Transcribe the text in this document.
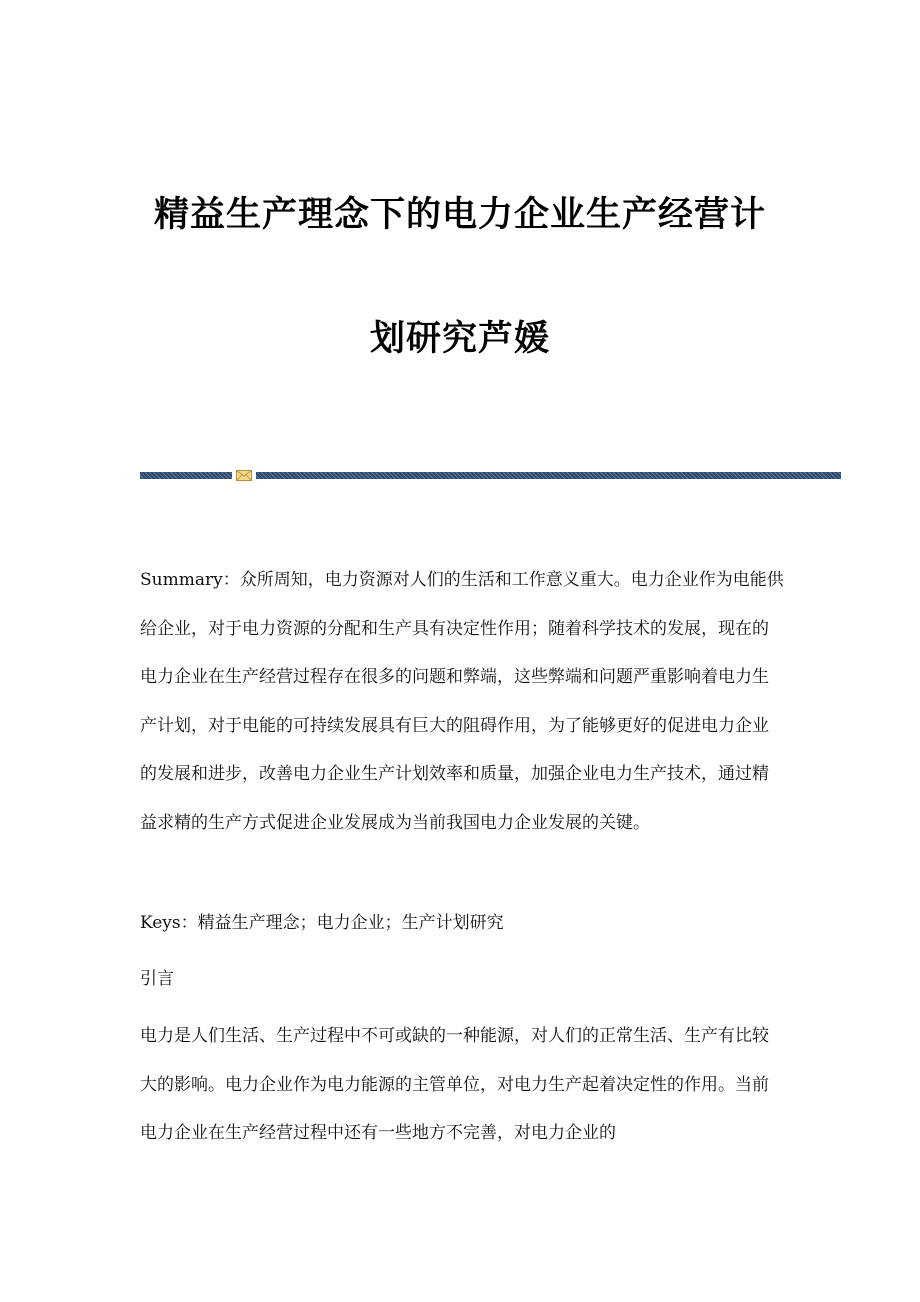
精益生产理念下的电力企业生产经营计
划研究芦媛

Summary：众所周知，电力资源对人们的生活和工作意义重大。电力企业作为电能供给企业，对于电力资源的分配和生产具有决定性作用；随着科学技术的发展，现在的电力企业在生产经营过程存在很多的问题和弊端，这些弊端和问题严重影响着电力生产计划，对于电能的可持续发展具有巨大的阻碍作用，为了能够更好的促进电力企业的发展和进步，改善电力企业生产计划效率和质量，加强企业电力生产技术，通过精益求精的生产方式促进企业发展成为当前我国电力企业发展的关键。

Keys：精益生产理念；电力企业；生产计划研究

引言

电力是人们生活、生产过程中不可或缺的一种能源，对人们的正常生活、生产有比较大的影响。电力企业作为电力能源的主管单位，对电力生产起着决定性的作用。当前电力企业在生产经营过程中还有一些地方不完善，对电力企业的
